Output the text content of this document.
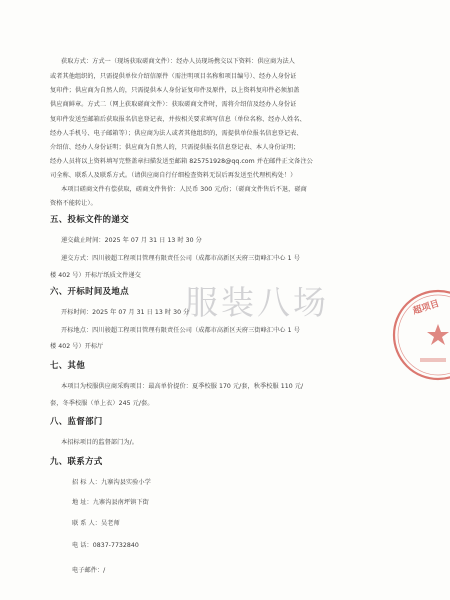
获取方式：方式一（现场获取磋商文件）：经办人员现场携交以下资料：供应商为法人
或者其他组织的，只需提供单位介绍信原件（需注明项目名称和项目编号）、经办人身份证
复印件；供应商为自然人的，只需提供本人身份证复印件及原件，以上资料复印件必须加盖
供应商鲜章。方式二（网上获取磋商文件）：获取磋商文件时，需将介绍信及经办人身份证
复印件发送至邮箱后获取报名信息登记表，并按相关要求填写信息（单位名称、经办人姓名、
经办人手机号、电子邮箱等）；供应商为法人或者其他组织的，需提供单位报名信息登记表、
介绍信、经办人身份证明；供应商为自然人的，只需提供报名信息登记表、本人身份证明；
经办人员将以上资料填写完整盖章扫描发送至邮箱 825751928@qq.com 并在邮件正文备注公
司全称、联系人及联系方式。（请供应商自行仔细检查资料无误后再发送至代理机构处！）
本项目磋商文件有偿获取，磋商文件售价：人民币 300 元/份；（磋商文件售后不退，磋商
资格不能转让）。
五、投标文件的递交
递交截止时间：2025 年 07 月 31 日 13 时 30 分
递交方式：四川骏超工程项目管理有限责任公司（成都市高新区天府三街峰汇中心 1 号
楼 402 号）开标厅纸质文件递交
六、开标时间及地点
开标时间：2025 年 07 月 31 日 13 时 30 分
开标地点：四川骏超工程项目管理有限责任公司（成都市高新区天府三街峰汇中心 1 号
楼 402 号）开标厅
七、其他
本项目为校服供应商采购项目：最高单价提价：夏季校服 170 元/套，秋季校服 110 元/
套，冬季校服（单上衣）245 元/套。
八、监督部门
本招标项目的监督部门为/。
九、联系方式
招 标 人：九寨沟县实验小学
地 址：九寨沟县南坪镇下街
联 系 人：吴老师
电 话：0837-7732840
电子邮件：/
服装八场	超项目
